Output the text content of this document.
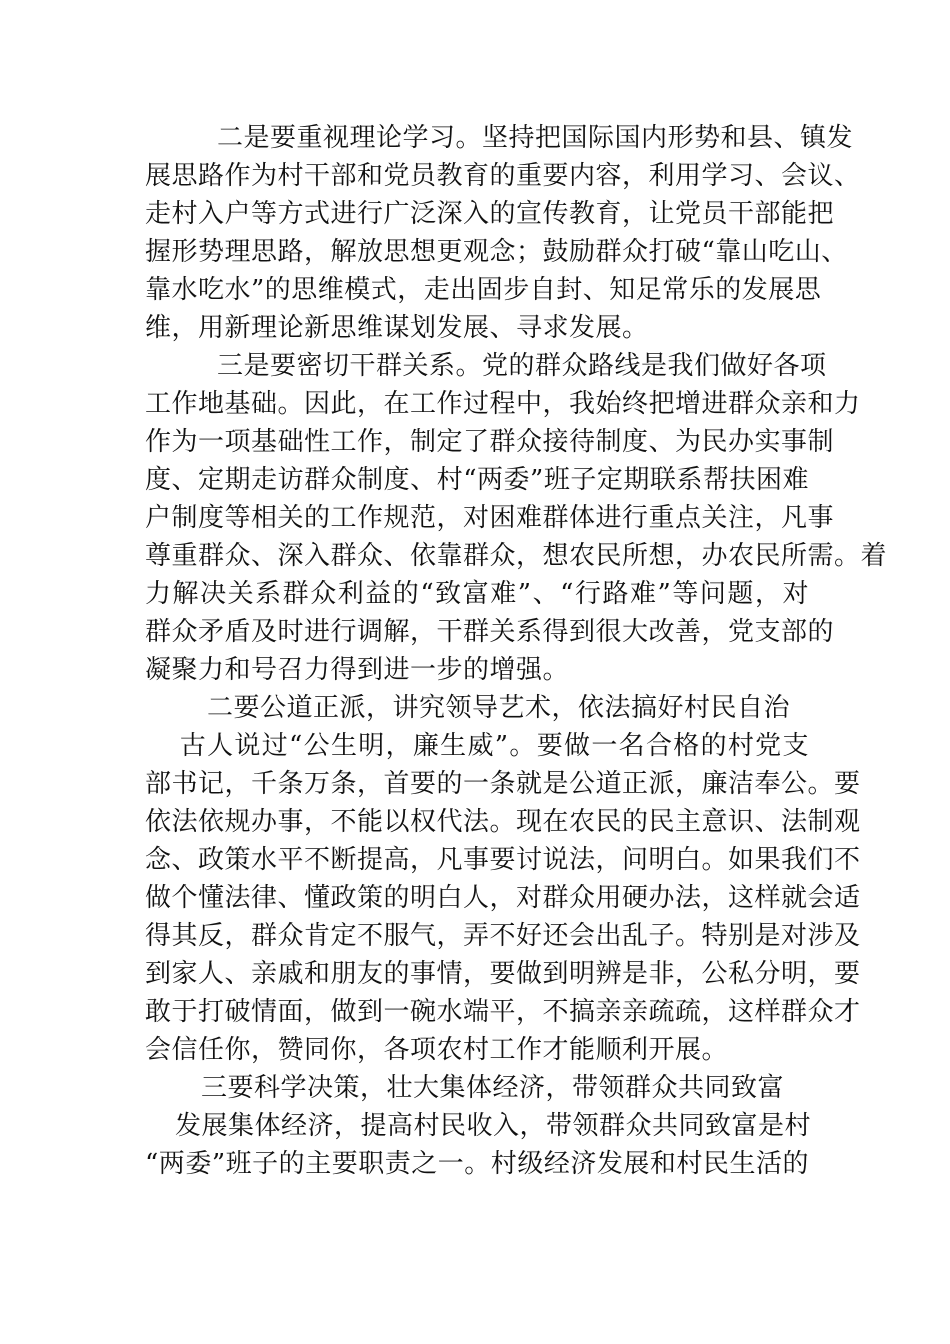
二是要重视理论学习。坚持把国际国内形势和县、镇发
展思路作为村干部和党员教育的重要内容，利用学习、会议、
走村入户等方式进行广泛深入的宣传教育，让党员干部能把
握形势理思路，解放思想更观念；鼓励群众打破“靠山吃山、
靠水吃水”的思维模式，走出固步自封、知足常乐的发展思
维，用新理论新思维谋划发展、寻求发展。
三是要密切干群关系。党的群众路线是我们做好各项
工作地基础。因此，在工作过程中，我始终把增进群众亲和力
作为一项基础性工作，制定了群众接待制度、为民办实事制
度、定期走访群众制度、村“两委”班子定期联系帮扶困难
户制度等相关的工作规范，对困难群体进行重点关注，凡事
尊重群众、深入群众、依靠群众，想农民所想，办农民所需。着
力解决关系群众利益的“致富难”、“行路难”等问题，对
群众矛盾及时进行调解，干群关系得到很大改善，党支部的
凝聚力和号召力得到进一步的增强。
二要公道正派，讲究领导艺术，依法搞好村民自治
古人说过“公生明，廉生威”。要做一名合格的村党支
部书记，千条万条，首要的一条就是公道正派，廉洁奉公。要
依法依规办事，不能以权代法。现在农民的民主意识、法制观
念、政策水平不断提高，凡事要讨说法，问明白。如果我们不
做个懂法律、懂政策的明白人，对群众用硬办法，这样就会适
得其反，群众肯定不服气，弄不好还会出乱子。特别是对涉及
到家人、亲戚和朋友的事情，要做到明辨是非，公私分明，要
敢于打破情面，做到一碗水端平，不搞亲亲疏疏，这样群众才
会信任你，赞同你，各项农村工作才能顺利开展。
三要科学决策，壮大集体经济，带领群众共同致富
发展集体经济，提高村民收入，带领群众共同致富是村
“两委”班子的主要职责之一。村级经济发展和村民生活的
